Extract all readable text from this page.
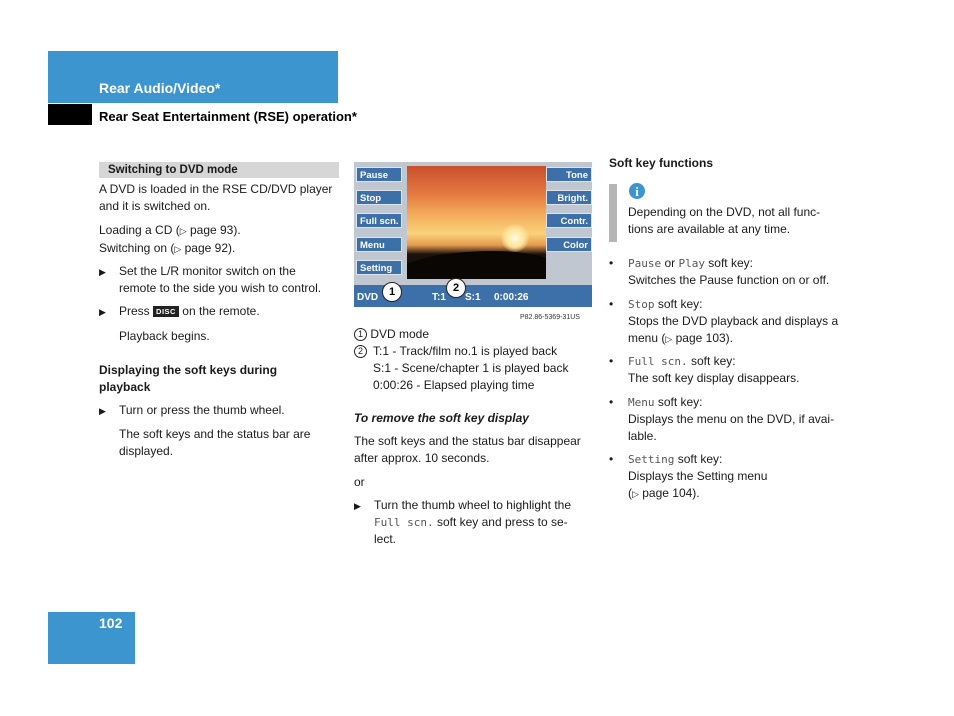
Rear Audio/Video*
Rear Seat Entertainment (RSE) operation*
Switching to DVD mode
A DVD is loaded in the RSE CD/DVD player
and it is switched on.
Loading a CD (▷ page 93).
Switching on (▷ page 92).
▶ Set the L/R monitor switch on the
remote to the side you wish to control.
▶	Press DISC on the remote.
Playback begins.
Displaying the soft keys during
playback
▶	Turn or press the thumb wheel.
The soft keys and the status bar are
displayed.
Pause
Stop
Full scn.
Menu
Setting
Tone
Bright.
Contr.
Color
DVD	T:1 S:1 0:00:26
1	2
P82.86-5369-31US
1 DVD mode
2 T:1 - Track/film no.1 is played back
S:1 - Scene/chapter 1 is played back
0:00:26 - Elapsed playing time
To remove the soft key display
The soft keys and the status bar disappear
after approx. 10 seconds.
or
▶ Turn the thumb wheel to highlight the
Full scn. soft key and press to se-
lect.
Soft key functions
i
Depending on the DVD, not all func-
tions are available at any time.
• Pause or Play soft key:
Switches the Pause function on or off.
• Stop soft key:
Stops the DVD playback and displays a
menu (▷ page 103).
• Full scn. soft key:
The soft key display disappears.
• Menu soft key:
Displays the menu on the DVD, if avai-
lable.
• Setting soft key:
Displays the Setting menu
(▷ page 104).
102
